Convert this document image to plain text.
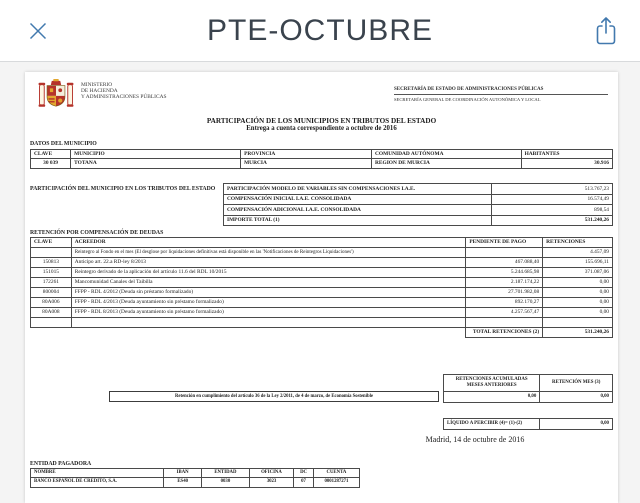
PTE-OCTUBRE
MINISTERIO
DE HACIENDA
Y ADMINISTRACIONES PÚBLICAS
SECRETARÍA DE ESTADO DE ADMINISTRACIONES PÚBLICAS
SECRETARÍA GENERAL DE COORDINACIÓN AUTONÓMICA Y LOCAL
PARTICIPACIÓN DE LOS MUNICIPIOS EN TRIBUTOS DEL ESTADO
Entrega a cuenta correspondiente a octubre de 2016
DATOS DEL MUNICIPIO
CLAVE	MUNICIPIO	PROVINCIA	COMUNIDAD AUTÓNOMA	HABITANTES
30 039	TOTANA	MURCIA	REGION DE MURCIA	30.916
PARTICIPACIÓN DEL MUNICIPIO EN LOS TRIBUTOS DEL ESTADO PARTICIPACIÓN MODELO DE VARIABLES SIN COMPENSACIONES I.A.E.	513.767,23
COMPENSACIÓN INICIAL I.A.E. CONSOLIDADA	16.574,49
COMPENSACIÓN ADICIONAL I.A.E. CONSOLIDADA	898,54
IMPORTE TOTAL (1)	531.240,26
RETENCIÓN POR COMPENSACIÓN DE DEUDAS
CLAVE	ACREEDOR	PENDIENTE DE PAGO	RETENCIONES
	Reintegro al Fondo en el mes (El desglose por liquidaciones definitivas está disponible en las 'Notificaciones de Reintegros Liquidaciones')		4.457,09
150813	Anticipo art. 22.a RD-ley 8/2013	467.088,40	155.696,11
151015	Reintegro derivado de la aplicación del artículo 11.6 del RDL 10/2015	5.244.685,98	371.087,06
172261	Mancomunidad Canales del Taibilla	2.187.174,22	0,00
800004	FFPP - RDL 4/2012 (Deuda sin préstamo formalizado)	27.701.982,08	0,00
80A006	FFPP - RDL 4/2013 (Deuda ayuntamiento sin préstamo formalizado)	892.170,27	0,00
80A008	FFPP - RDL 8/2013 (Deuda ayuntamiento sin préstamo formalizado)	4.257.567,47	0,00

		TOTAL RETENCIONES (2)	531.240,26
RETENCIONES ACUMULADAS
MESES ANTERIORES	RETENCIÓN MES (3)
0,00	0,00
Retención en cumplimiento del artículo 36 de la Ley 2/2011, de 4 de marzo, de Economía Sostenible
LÍQUIDO A PERCIBIR (4)= (1)-(2)	0,00
Madrid, 14 de octubre de 2016
ENTIDAD PAGADORA
NOMBRE	IBAN	ENTIDAD	OFICINA	DC	CUENTA
BANCO ESPAÑOL DE CREDITO, S.A.	ES40	0030	3023	07	0001287271
